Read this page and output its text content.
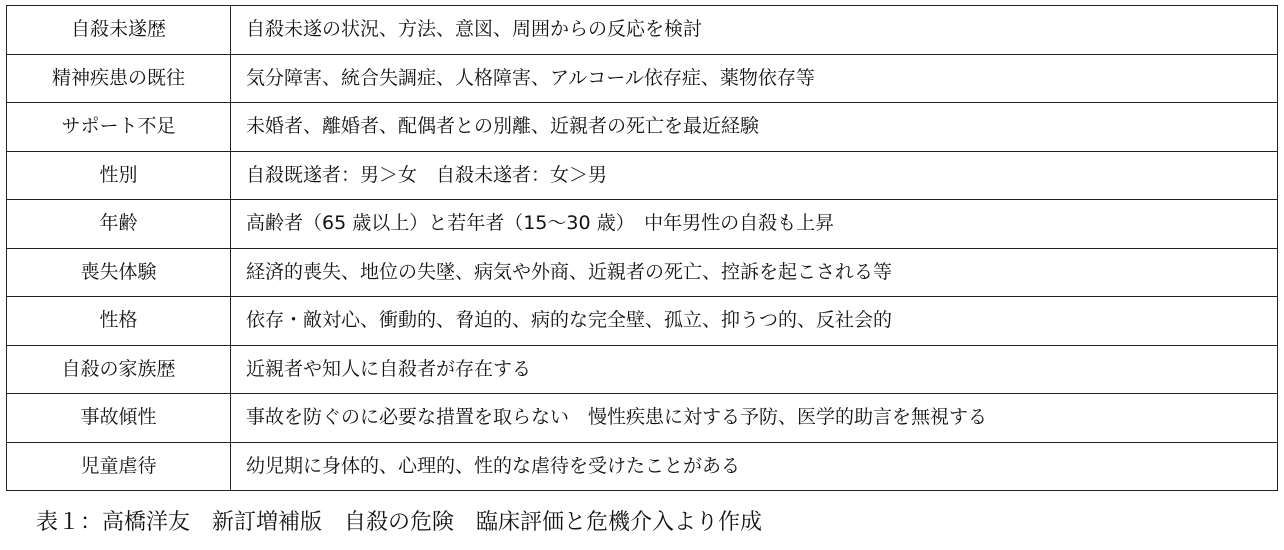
自殺未遂歴	自殺未遂の状況、方法、意図、周囲からの反応を検討
精神疾患の既往	気分障害、統合失調症、人格障害、アルコール依存症、薬物依存等
サポート不足	未婚者、離婚者、配偶者との別離、近親者の死亡を最近経験
性別	自殺既遂者：男＞女　自殺未遂者：女＞男
年齢	高齢者（65 歳以上）と若年者（15～30 歳）　中年男性の自殺も上昇
喪失体験	経済的喪失、地位の失墜、病気や外商、近親者の死亡、控訴を起こされる等
性格	依存・敵対心、衝動的、脅迫的、病的な完全壁、孤立、抑うつ的、反社会的
自殺の家族歴	近親者や知人に自殺者が存在する
事故傾性	事故を防ぐのに必要な措置を取らない　慢性疾患に対する予防、医学的助言を無視する
児童虐待	幼児期に身体的、心理的、性的な虐待を受けたことがある
表１：高橋洋友　新訂増補版　自殺の危険　臨床評価と危機介入より作成
